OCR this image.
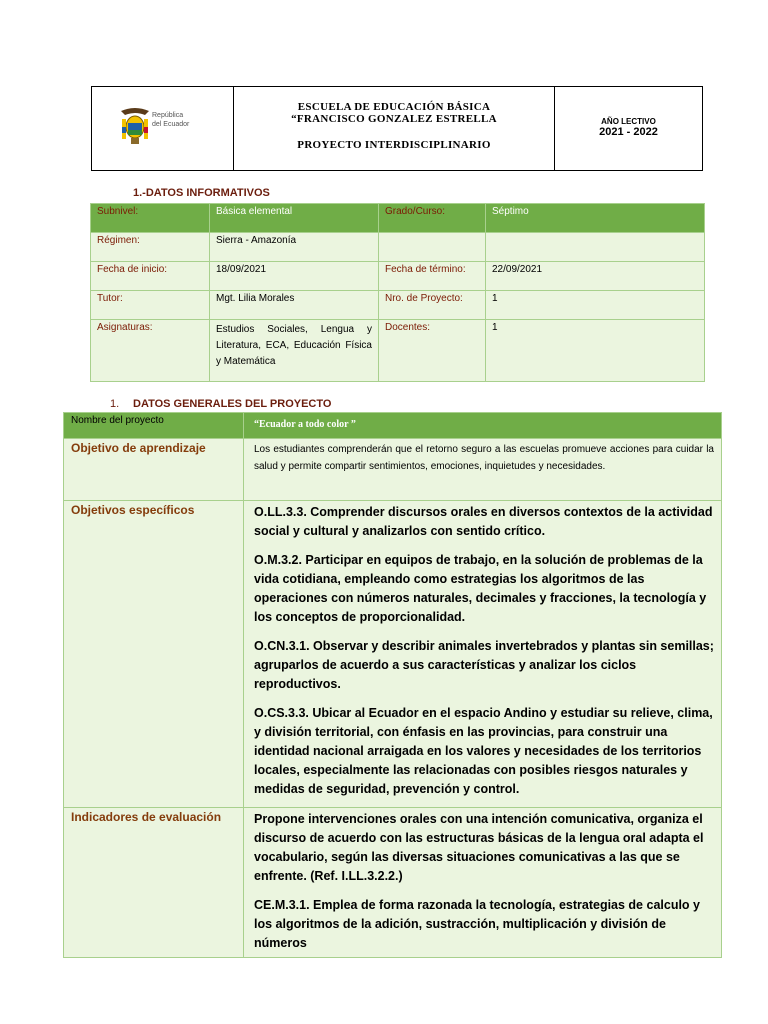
República
del Ecuador
ESCUELA DE EDUCACIÓN BÁSICA
“FRANCISCO GONZALEZ ESTRELLA
PROYECTO INTERDISCIPLINARIO
AÑO LECTIVO
2021 - 2022
1.-DATOS INFORMATIVOS
Subnivel:	Básica elemental	Grado/Curso:	Séptimo
Régimen:	Sierra - Amazonía		
Fecha de inicio:	18/09/2021	Fecha de término:	22/09/2021
Tutor:	Mgt. Lilia Morales	Nro. de Proyecto:	1
Asignaturas:	Estudios Sociales, Lengua y Literatura, ECA, Educación Física y Matemática	Docentes:	1
1. DATOS GENERALES DEL PROYECTO
Nombre del proyecto	“Ecuador a todo color ”
Objetivo de aprendizaje	Los estudiantes comprenderán que el retorno seguro a las escuelas promueve acciones para cuidar la salud y permite compartir sentimientos, emociones, inquietudes y necesidades.
Objetivos específicos	O.LL.3.3. Comprender discursos orales en diversos contextos de la actividad social y cultural y analizarlos con sentido crítico.

O.M.3.2. Participar en equipos de trabajo, en la solución de problemas de la vida cotidiana, empleando como estrategias los algoritmos de las operaciones con números naturales, decimales y fracciones, la tecnología y los conceptos de proporcionalidad.

O.CN.3.1. Observar y describir animales invertebrados y plantas sin semillas; agruparlos de acuerdo a sus características y analizar los ciclos reproductivos.

O.CS.3.3. Ubicar al Ecuador en el espacio Andino y estudiar su relieve, clima, y división territorial, con énfasis en las provincias, para construir una identidad nacional arraigada en los valores y necesidades de los territorios locales, especialmente las relacionadas con posibles riesgos naturales y medidas de seguridad, prevención y control.

Indicadores de evaluación	Propone intervenciones orales con una intención comunicativa, organiza el discurso de acuerdo con las estructuras básicas de la lengua oral adapta el vocabulario, según las diversas situaciones comunicativas a las que se enfrente. (Ref. I.LL.3.2.2.)

CE.M.3.1. Emplea de forma razonada la tecnología, estrategias de calculo y los algoritmos de la adición, sustracción, multiplicación y división de números
